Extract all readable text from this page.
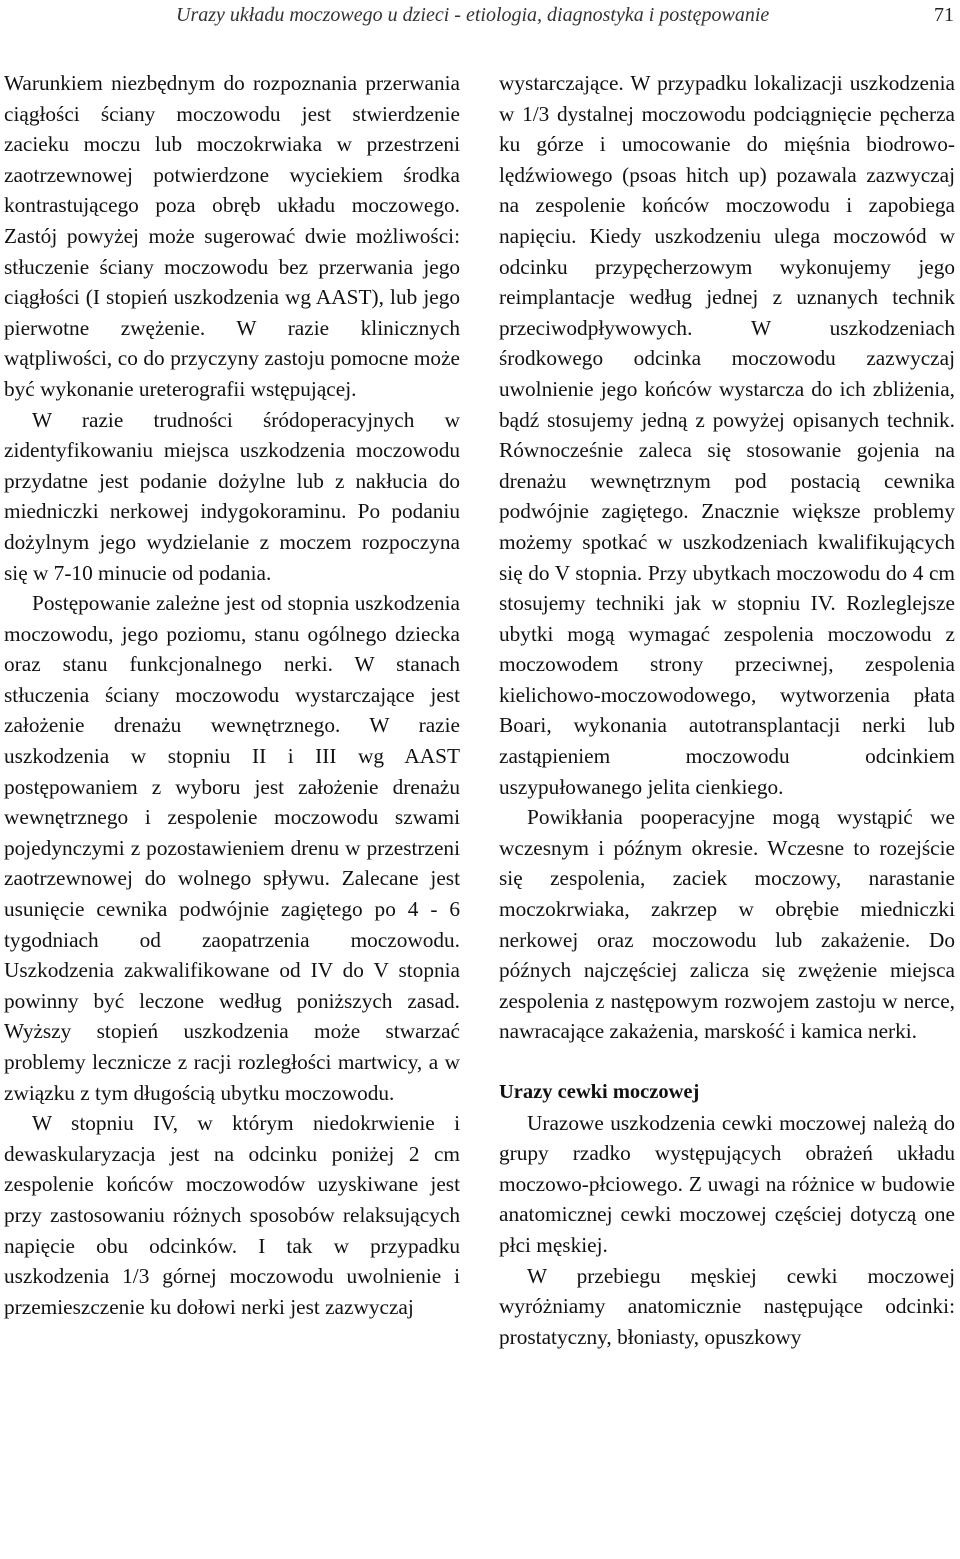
Urazy układu moczowego u dzieci - etiologia, diagnostyka i postępowanie	71

Warunkiem niezbędnym do rozpoznania przerwania ciągłości ściany moczowodu jest stwierdzenie zacieku moczu lub moczokrwiaka w przestrzeni zaotrzewnowej potwierdzone wyciekiem środka kontrastującego poza obręb układu moczowego. Zastój powyżej może sugerować dwie możliwości: stłuczenie ściany moczowodu bez przerwania jego ciągłości (I stopień uszkodzenia wg AAST), lub jego pierwotne zwężenie. W razie klinicznych wątpliwości, co do przyczyny zastoju pomocne może być wykonanie ureterografii wstępującej.

W razie trudności śródoperacyjnych w zidentyfikowaniu miejsca uszkodzenia moczowodu przydatne jest podanie dożylne lub z nakłucia do miedniczki nerkowej indygokoraminu. Po podaniu dożylnym jego wydzielanie z moczem rozpoczyna się w 7-10 minucie od podania.

Postępowanie zależne jest od stopnia uszkodzenia moczowodu, jego poziomu, stanu ogólnego dziecka oraz stanu funkcjonalnego nerki. W stanach stłuczenia ściany moczowodu wystarczające jest założenie drenażu wewnętrznego. W razie uszkodzenia w stopniu II i III wg AAST postępowaniem z wyboru jest założenie drenażu wewnętrznego i zespolenie moczowodu szwami pojedynczymi z pozostawieniem drenu w przestrzeni zaotrzewnowej do wolnego spływu. Zalecane jest usunięcie cewnika podwójnie zagiętego po 4 - 6 tygodniach od zaopatrzenia moczowodu. Uszkodzenia zakwalifikowane od IV do V stopnia powinny być leczone według poniższych zasad. Wyższy stopień uszkodzenia może stwarzać problemy lecznicze z racji rozległości martwicy, a w związku z tym długością ubytku moczowodu.

W stopniu IV, w którym niedokrwienie i dewaskularyzacja jest na odcinku poniżej 2 cm zespolenie końców moczowodów uzyskiwane jest przy zastosowaniu różnych sposobów relaksujących napięcie obu odcinków. I tak w przypadku uszkodzenia 1/3 górnej moczowodu uwolnienie i przemieszczenie ku dołowi nerki jest zazwyczaj

wystarczające. W przypadku lokalizacji uszkodzenia w 1/3 dystalnej moczowodu podciągnięcie pęcherza ku górze i umocowanie do mięśnia biodrowo-lędźwiowego (psoas hitch up) pozawala zazwyczaj na zespolenie końców moczowodu i zapobiega napięciu. Kiedy uszkodzeniu ulega moczowód w odcinku przypęcherzowym wykonujemy jego reimplantacje według jednej z uznanych technik przeciwodpływowych. W uszkodzeniach środkowego odcinka moczowodu zazwyczaj uwolnienie jego końców wystarcza do ich zbliżenia, bądź stosujemy jedną z powyżej opisanych technik. Równocześnie zaleca się stosowanie gojenia na drenażu wewnętrznym pod postacią cewnika podwójnie zagiętego. Znacznie większe problemy możemy spotkać w uszkodzeniach kwalifikujących się do V stopnia. Przy ubytkach moczowodu do 4 cm stosujemy techniki jak w stopniu IV. Rozleglejsze ubytki mogą wymagać zespolenia moczowodu z moczowodem strony przeciwnej, zespolenia kielichowo-moczowodowego, wytworzenia płata Boari, wykonania autotransplantacji nerki lub zastąpieniem moczowodu odcinkiem uszypułowanego jelita cienkiego.

Powikłania pooperacyjne mogą wystąpić we wczesnym i późnym okresie. Wczesne to rozejście się zespolenia, zaciek moczowy, narastanie moczokrwiaka, zakrzep w obrębie miedniczki nerkowej oraz moczowodu lub zakażenie. Do późnych najczęściej zalicza się zwężenie miejsca zespolenia z następowym rozwojem zastoju w nerce, nawracające zakażenia, marskość i kamica nerki.

Urazy cewki moczowej

Urazowe uszkodzenia cewki moczowej należą do grupy rzadko występujących obrażeń układu moczowo-płciowego. Z uwagi na różnice w budowie anatomicznej cewki moczowej częściej dotyczą one płci męskiej.

W przebiegu męskiej cewki moczowej wyróżniamy anatomicznie następujące odcinki: prostatyczny, błoniasty, opuszkowy
